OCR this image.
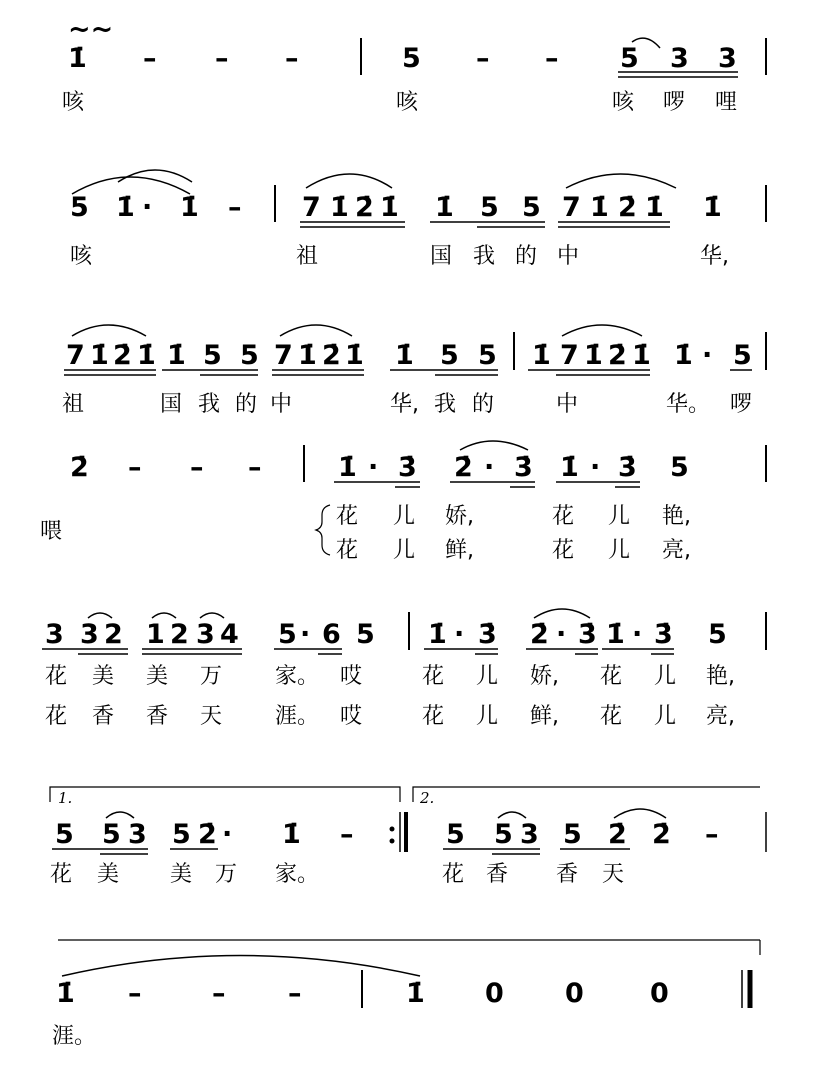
1̇
~~
– – –	5 – – 5 3 3
咳	咳	咳 啰 哩
5 1̇ · 1̇ – 7 1̇ 2̇ 1̇ 1̇ 5 5 7 1̇ 2̇ 1̇ 1̇
咳	祖	国 我 的 中	华,
7 1̇ 2̇ 1̇ 1̇ 5 5 7 1̇ 2̇ 1̇ 1̇ 5 5 1̇ 7 1̇ 2̇ 1̇ 1̇ · 5
祖	国 我 的 中	华, 我 的	中	华。 啰
2̇ – – –	1̇ · 3̇ 2̇ · 3̇ 1̇ · 3̇ 5
喂
花 儿 娇,	花 儿 艳,
花 儿 鲜,	花 儿 亮,
3 3 2 1 2 3 4 5 · 6 5 1̇ · 3̇ 2̇ · 3̇ 1̇ · 3̇ 5
花 美 美 万 家。 哎	花 儿 娇, 花 儿 艳,
花 香 香 天 涯。 哎	花 儿 鲜, 花 儿 亮,
1.	2.
5 5 3 5 2̇ · 1̇ –	5 5 3 5 2̇ 2̇ –
花 美 美 万 家。	花 香 香 天
1̇ –	– –	1̇ 0 0 0
涯。
